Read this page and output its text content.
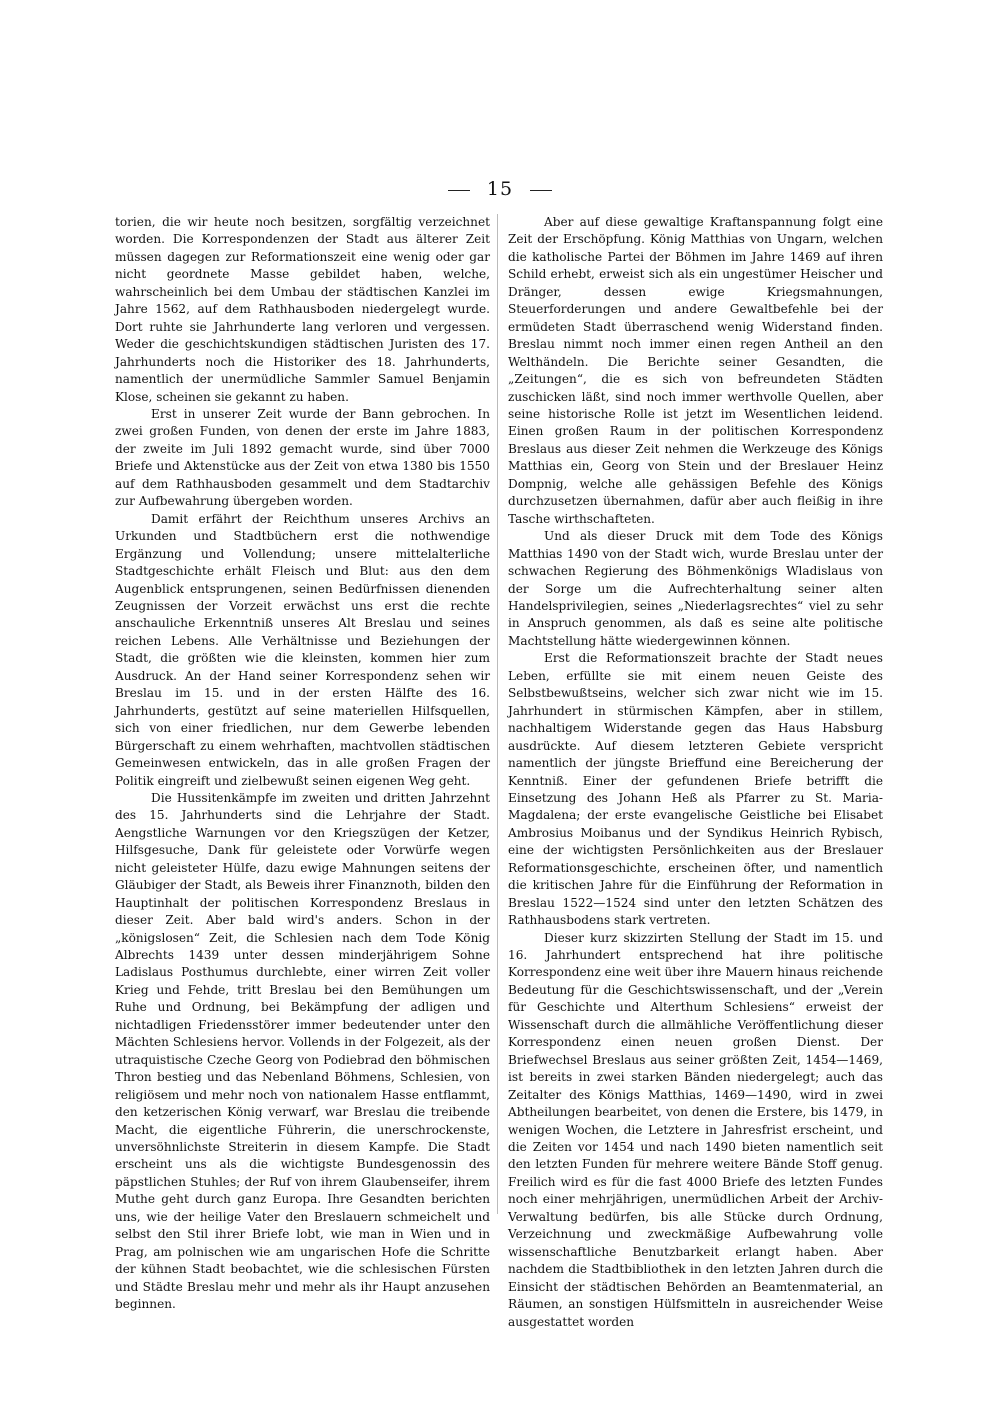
15

torien, die wir heute noch besitzen, sorgfältig verzeichnet worden. Die Korrespondenzen der Stadt aus älterer Zeit müssen dagegen zur Reformationszeit eine wenig oder gar nicht geordnete Masse gebildet haben, welche, wahrscheinlich bei dem Umbau der städtischen Kanzlei im Jahre 1562, auf dem Rathhausboden niedergelegt wurde. Dort ruhte sie Jahrhunderte lang verloren und vergessen. Weder die geschichtskundigen städtischen Juristen des 17. Jahrhunderts noch die Historiker des 18. Jahrhunderts, namentlich der unermüdliche Sammler Samuel Benjamin Klose, scheinen sie gekannt zu haben.

Erst in unserer Zeit wurde der Bann gebrochen. In zwei großen Funden, von denen der erste im Jahre 1883, der zweite im Juli 1892 gemacht wurde, sind über 7000 Briefe und Aktenstücke aus der Zeit von etwa 1380 bis 1550 auf dem Rathhausboden gesammelt und dem Stadtarchiv zur Aufbewahrung übergeben worden.

Damit erfährt der Reichthum unseres Archivs an Urkunden und Stadtbüchern erst die nothwendige Ergänzung und Vollendung; unsere mittelalterliche Stadtgeschichte erhält Fleisch und Blut: aus den dem Augenblick entsprungenen, seinen Bedürfnissen dienenden Zeugnissen der Vorzeit erwächst uns erst die rechte anschauliche Erkenntniß unseres Alt Breslau und seines reichen Lebens. Alle Verhältnisse und Beziehungen der Stadt, die größten wie die kleinsten, kommen hier zum Ausdruck. An der Hand seiner Korrespondenz sehen wir Breslau im 15. und in der ersten Hälfte des 16. Jahrhunderts, gestützt auf seine materiellen Hilfsquellen, sich von einer friedlichen, nur dem Gewerbe lebenden Bürgerschaft zu einem wehrhaften, machtvollen städtischen Gemeinwesen entwickeln, das in alle großen Fragen der Politik eingreift und zielbewußt seinen eigenen Weg geht.

Die Hussitenkämpfe im zweiten und dritten Jahrzehnt des 15. Jahrhunderts sind die Lehrjahre der Stadt. Aengstliche Warnungen vor den Kriegszügen der Ketzer, Hilfsgesuche, Dank für geleistete oder Vorwürfe wegen nicht geleisteter Hülfe, dazu ewige Mahnungen seitens der Gläubiger der Stadt, als Beweis ihrer Finanznoth, bilden den Hauptinhalt der politischen Korrespondenz Breslaus in dieser Zeit. Aber bald wird's anders. Schon in der „königslosen“ Zeit, die Schlesien nach dem Tode König Albrechts 1439 unter dessen minderjährigem Sohne Ladislaus Posthumus durchlebte, einer wirren Zeit voller Krieg und Fehde, tritt Breslau bei den Bemühungen um Ruhe und Ordnung, bei Bekämpfung der adligen und nichtadligen Friedensstörer immer bedeutender unter den Mächten Schlesiens hervor. Vollends in der Folgezeit, als der utraquistische Czeche Georg von Podiebrad den böhmischen Thron bestieg und das Nebenland Böhmens, Schlesien, von religiösem und mehr noch von nationalem Hasse entflammt, den ketzerischen König verwarf, war Breslau die treibende Macht, die eigentliche Führerin, die unerschrockenste, unversöhnlichste Streiterin in diesem Kampfe. Die Stadt erscheint uns als die wichtigste Bundesgenossin des päpstlichen Stuhles; der Ruf von ihrem Glaubenseifer, ihrem Muthe geht durch ganz Europa. Ihre Gesandten berichten uns, wie der heilige Vater den Breslauern schmeichelt und selbst den Stil ihrer Briefe lobt, wie man in Wien und in Prag, am polnischen wie am ungarischen Hofe die Schritte der kühnen Stadt beobachtet, wie die schlesischen Fürsten und Städte Breslau mehr und mehr als ihr Haupt anzusehen beginnen.

Aber auf diese gewaltige Kraftanspannung folgt eine Zeit der Erschöpfung. König Matthias von Ungarn, welchen die katholische Partei der Böhmen im Jahre 1469 auf ihren Schild erhebt, erweist sich als ein ungestümer Heischer und Dränger, dessen ewige Kriegsmahnungen, Steuerforderungen und andere Gewaltbefehle bei der ermüdeten Stadt überraschend wenig Widerstand finden. Breslau nimmt noch immer einen regen Antheil an den Welthändeln. Die Berichte seiner Gesandten, die „Zeitungen“, die es sich von befreundeten Städten zuschicken läßt, sind noch immer werthvolle Quellen, aber seine historische Rolle ist jetzt im Wesentlichen leidend. Einen großen Raum in der politischen Korrespondenz Breslaus aus dieser Zeit nehmen die Werkzeuge des Königs Matthias ein, Georg von Stein und der Breslauer Heinz Dompnig, welche alle gehässigen Befehle des Königs durchzusetzen übernahmen, dafür aber auch fleißig in ihre Tasche wirthschafteten.

Und als dieser Druck mit dem Tode des Königs Matthias 1490 von der Stadt wich, wurde Breslau unter der schwachen Regierung des Böhmenkönigs Wladislaus von der Sorge um die Aufrechterhaltung seiner alten Handelsprivilegien, seines „Niederlagsrechtes“ viel zu sehr in Anspruch genommen, als daß es seine alte politische Machtstellung hätte wiedergewinnen können.

Erst die Reformationszeit brachte der Stadt neues Leben, erfüllte sie mit einem neuen Geiste des Selbstbewußtseins, welcher sich zwar nicht wie im 15. Jahrhundert in stürmischen Kämpfen, aber in stillem, nachhaltigem Widerstande gegen das Haus Habsburg ausdrückte. Auf diesem letzteren Gebiete verspricht namentlich der jüngste Brieffund eine Bereicherung der Kenntniß. Einer der gefundenen Briefe betrifft die Einsetzung des Johann Heß als Pfarrer zu St. Maria-Magdalena; der erste evangelische Geistliche bei Elisabet Ambrosius Moibanus und der Syndikus Heinrich Rybisch, eine der wichtigsten Persönlichkeiten aus der Breslauer Reformationsgeschichte, erscheinen öfter, und namentlich die kritischen Jahre für die Einführung der Reformation in Breslau 1522—1524 sind unter den letzten Schätzen des Rathhausbodens stark vertreten.

Dieser kurz skizzirten Stellung der Stadt im 15. und 16. Jahrhundert entsprechend hat ihre politische Korrespondenz eine weit über ihre Mauern hinaus reichende Bedeutung für die Geschichtswissenschaft, und der „Verein für Geschichte und Alterthum Schlesiens“ erweist der Wissenschaft durch die allmähliche Veröffentlichung dieser Korrespondenz einen neuen großen Dienst. Der Briefwechsel Breslaus aus seiner größten Zeit, 1454—1469, ist bereits in zwei starken Bänden niedergelegt; auch das Zeitalter des Königs Matthias, 1469—1490, wird in zwei Abtheilungen bearbeitet, von denen die Erstere, bis 1479, in wenigen Wochen, die Letztere in Jahresfrist erscheint, und die Zeiten vor 1454 und nach 1490 bieten namentlich seit den letzten Funden für mehrere weitere Bände Stoff genug. Freilich wird es für die fast 4000 Briefe des letzten Fundes noch einer mehrjährigen, unermüdlichen Arbeit der Archiv-Verwaltung bedürfen, bis alle Stücke durch Ordnung, Verzeichnung und zweckmäßige Aufbewahrung volle wissenschaftliche Benutzbarkeit erlangt haben. Aber nachdem die Stadtbibliothek in den letzten Jahren durch die Einsicht der städtischen Behörden an Beamtenmaterial, an Räumen, an sonstigen Hülfsmitteln in ausreichender Weise ausgestattet worden
